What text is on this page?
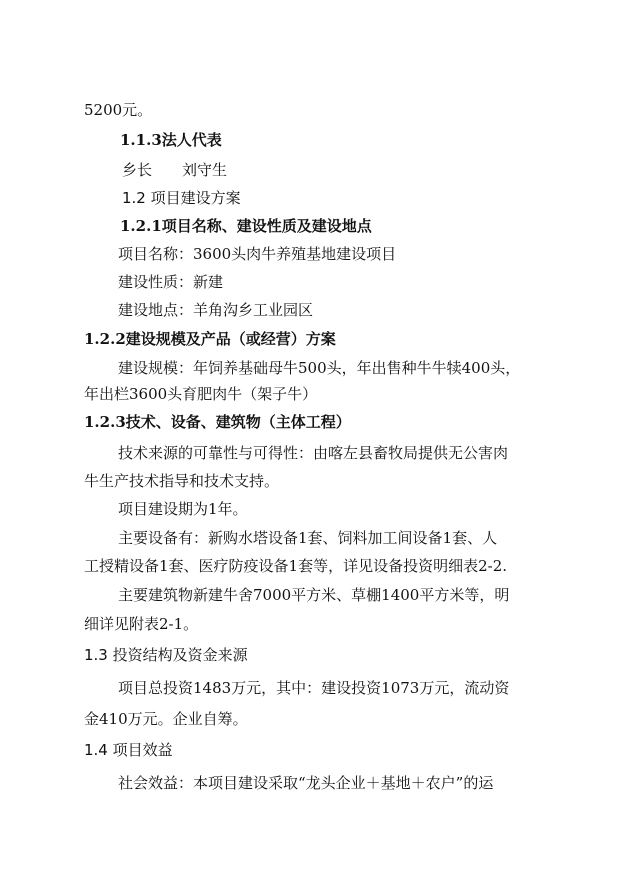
5200元。
1.1.3法人代表
乡长　　刘守生
1.2 项目建设方案
1.2.1项目名称、建设性质及建设地点
项目名称：3600头肉牛养殖基地建设项目
建设性质：新建
建设地点：羊角沟乡工业园区
1.2.2建设规模及产品（或经营）方案
建设规模：年饲养基础母牛500头，年出售种牛牛犊400头，
年出栏3600头育肥肉牛（架子牛）
1.2.3技术、设备、建筑物（主体工程）
技术来源的可靠性与可得性：由喀左县畜牧局提供无公害肉
牛生产技术指导和技术支持。
项目建设期为1年。
主要设备有：新购水塔设备1套、饲料加工间设备1套、人
工授精设备1套、医疗防疫设备1套等，详见设备投资明细表2-2.
主要建筑物新建牛舍7000平方米、草棚1400平方米等，明
细详见附表2-1。
1.3 投资结构及资金来源
项目总投资1483万元，其中：建设投资1073万元，流动资
金410万元。企业自筹。
1.4 项目效益
社会效益：本项目建设采取“龙头企业＋基地＋农户”的运
